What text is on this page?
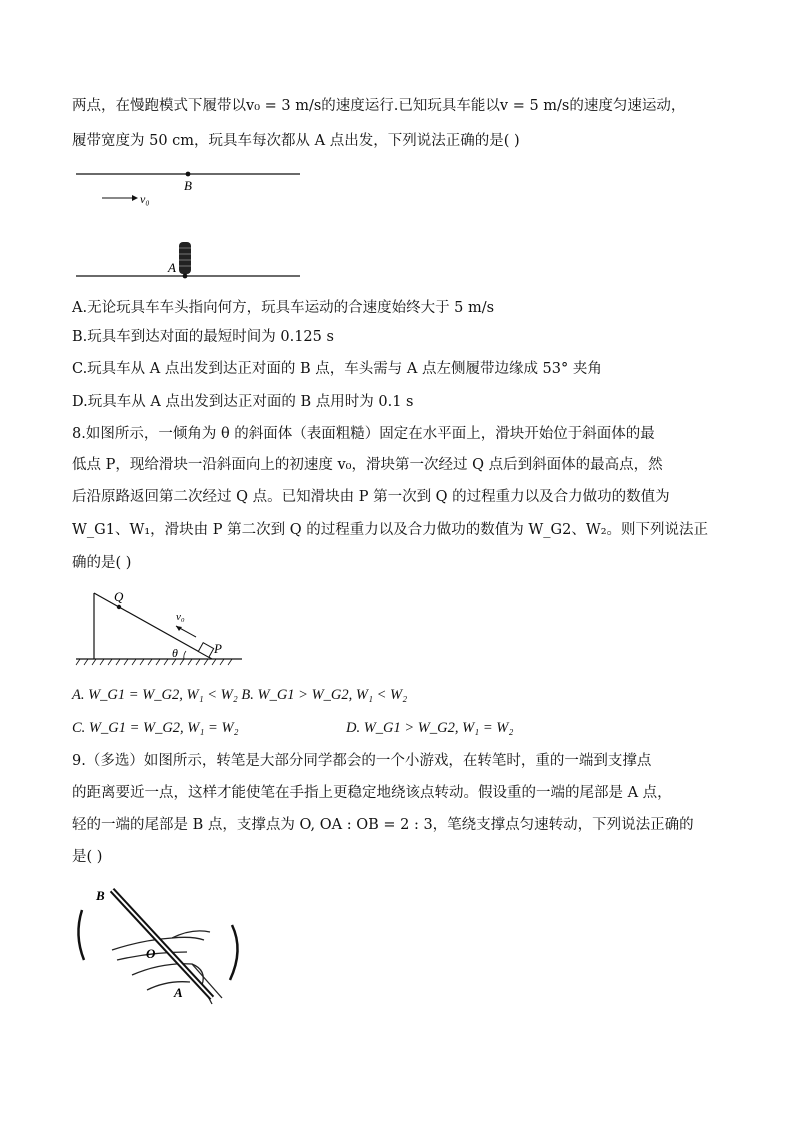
两点，在慢跑模式下履带以v₀ = 3 m/s的速度运行.已知玩具车能以v = 5 m/s的速度匀速运动，
履带宽度为 50 cm，玩具车每次都从 A 点出发，下列说法正确的是( )
B
v₀
A
A.无论玩具车车头指向何方，玩具车运动的合速度始终大于 5 m/s
B.玩具车到达对面的最短时间为 0.125 s
C.玩具车从 A 点出发到达正对面的 B 点，车头需与 A 点左侧履带边缘成 53° 夹角
D.玩具车从 A 点出发到达正对面的 B 点用时为 0.1 s
8.如图所示，一倾角为 θ 的斜面体（表面粗糙）固定在水平面上，滑块开始位于斜面体的最
低点 P，现给滑块一沿斜面向上的初速度 v₀，滑块第一次经过 Q 点后到斜面体的最高点，然
后沿原路返回第二次经过 Q 点。已知滑块由 P 第一次到 Q 的过程重力以及合力做功的数值为
W_G1、W₁，滑块由 P 第二次到 Q 的过程重力以及合力做功的数值为 W_G2、W₂。则下列说法正
确的是( )
Q
v₀
θ	P
A. W_G1 = W_G2, W₁ < W₂ B. W_G1 > W_G2, W₁ < W₂
C. W_G1 = W_G2, W₁ = W₂	D. W_G1 > W_G2, W₁ = W₂
9.（多选）如图所示，转笔是大部分同学都会的一个小游戏，在转笔时，重的一端到支撑点
的距离要近一点，这样才能使笔在手指上更稳定地绕该点转动。假设重的一端的尾部是 A 点，
轻的一端的尾部是 B 点，支撑点为 O, OA : OB = 2 : 3，笔绕支撑点匀速转动，下列说法正确的
是( )
B
O
A
